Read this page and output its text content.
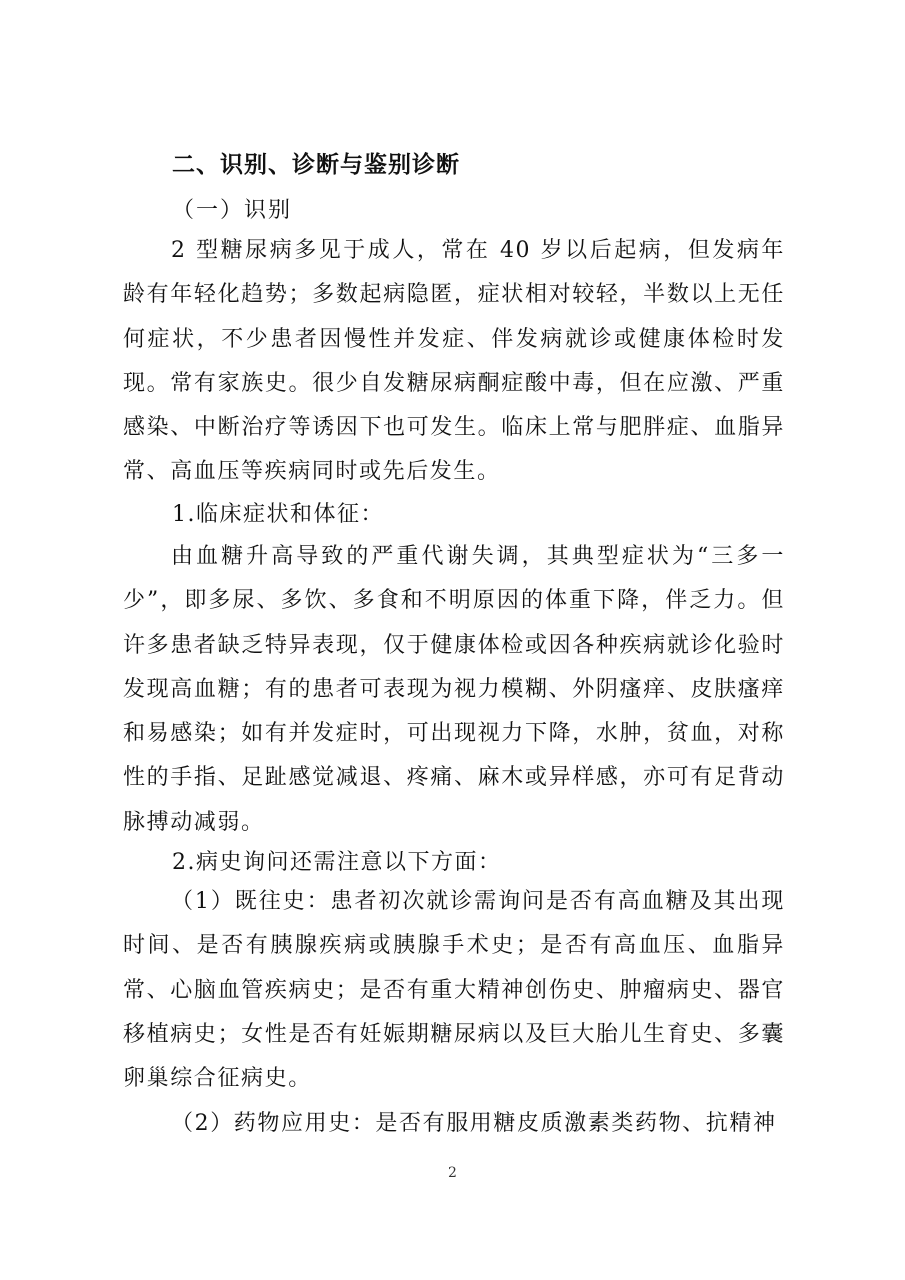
二、识别、诊断与鉴别诊断
（一）识别

2 型糖尿病多见于成人，常在 40 岁以后起病，但发病年龄有年轻化趋势；多数起病隐匿，症状相对较轻，半数以上无任何症状，不少患者因慢性并发症、伴发病就诊或健康体检时发现。常有家族史。很少自发糖尿病酮症酸中毒，但在应激、严重感染、中断治疗等诱因下也可发生。临床上常与肥胖症、血脂异常、高血压等疾病同时或先后发生。

1.临床症状和体征：

由血糖升高导致的严重代谢失调，其典型症状为“三多一少”，即多尿、多饮、多食和不明原因的体重下降，伴乏力。但许多患者缺乏特异表现，仅于健康体检或因各种疾病就诊化验时发现高血糖；有的患者可表现为视力模糊、外阴瘙痒、皮肤瘙痒和易感染；如有并发症时，可出现视力下降，水肿，贫血，对称性的手指、足趾感觉减退、疼痛、麻木或异样感，亦可有足背动脉搏动减弱。

2.病史询问还需注意以下方面：

（1）既往史：患者初次就诊需询问是否有高血糖及其出现时间、是否有胰腺疾病或胰腺手术史；是否有高血压、血脂异常、心脑血管疾病史；是否有重大精神创伤史、肿瘤病史、器官移植病史；女性是否有妊娠期糖尿病以及巨大胎儿生育史、多囊卵巢综合征病史。

（2）药物应用史：是否有服用糖皮质激素类药物、抗精神

2
